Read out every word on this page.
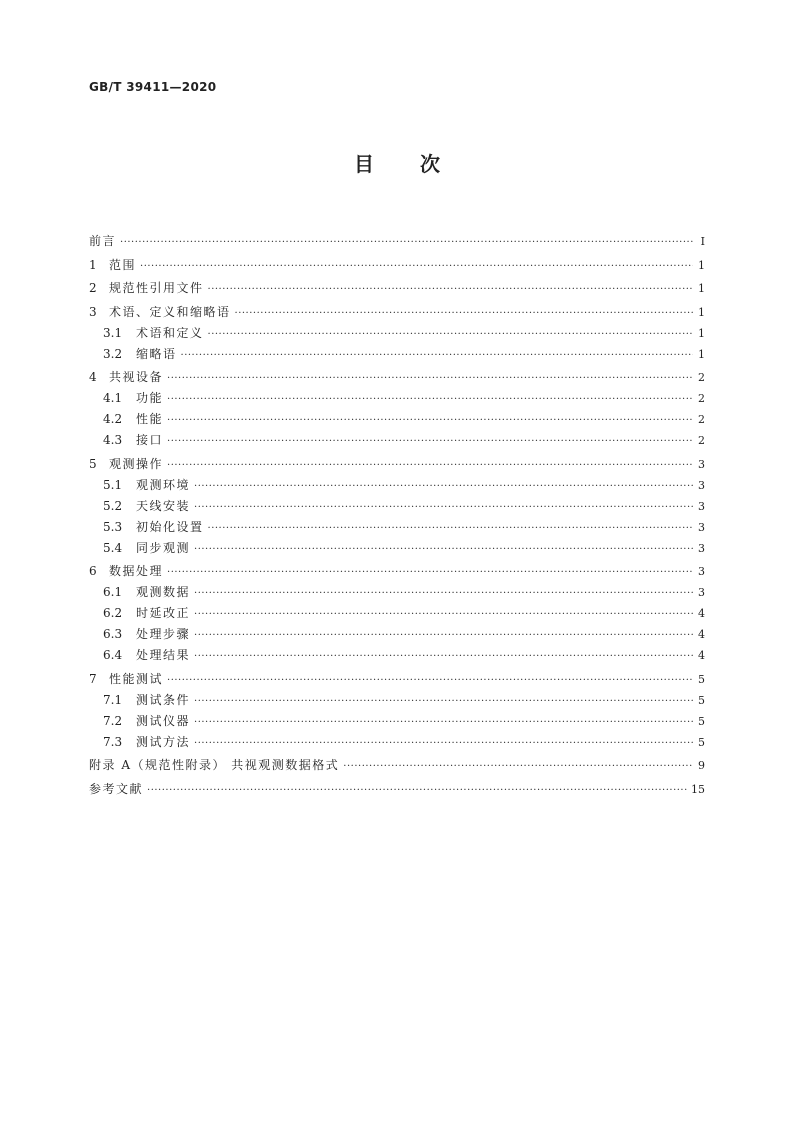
GB/T 39411—2020
目次
前言 ·····	Ⅰ
1	范围 ·····	1
2	规范性引用文件 ·····	1
3	术语、定义和缩略语 ·····	1
3.1	术语和定义 ·····	1
3.2	缩略语 ·····	1
4	共视设备 ·····	2
4.1	功能 ·····	2
4.2	性能 ·····	2
4.3	接口 ·····	2
5	观测操作 ·····	3
5.1	观测环境 ·····	3
5.2	天线安装 ·····	3
5.3	初始化设置 ·····	3
5.4	同步观测 ·····	3
6	数据处理 ·····	3
6.1	观测数据 ·····	3
6.2	时延改正 ·····	4
6.3	处理步骤 ·····	4
6.4	处理结果 ·····	4
7	性能测试 ·····	5
7.1	测试条件 ·····	5
7.2	测试仪器 ·····	5
7.3	测试方法 ·····	5
附录 A（规范性附录） 共视观测数据格式 ·····	9
参考文献 ·····	15
